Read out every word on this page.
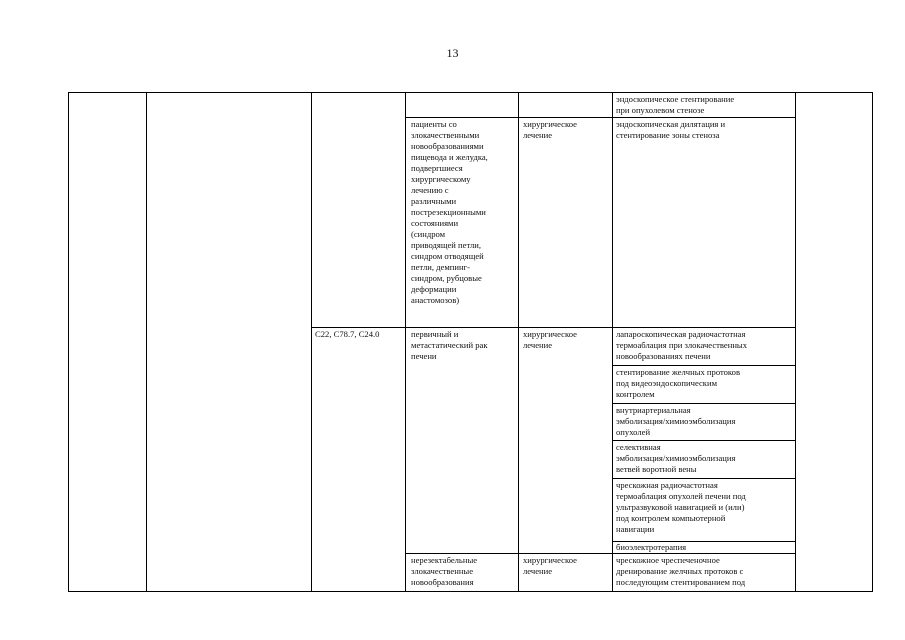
13
эндоскопическое стентирование
при опухолевом стенозе
пациенты со
злокачественными
новообразованиями
пищевода и желудка,
подвергшиеся
хирургическому
лечению с
различными
пострезекционными
состояниями
(синдром
приводящей петли,
синдром отводящей
петли, демпинг-
синдром, рубцовые
деформации
анастомозов)
хирургическое
лечение
эндоскопическая дилятация и
стентирование зоны стеноза
C22, C78.7, C24.0	первичный и
метастатический рак
печени
хирургическое
лечение
лапароскопическая радиочастотная
термоаблация при злокачественных
новообразованиях печени
стентирование желчных протоков
под видеоэндоскопическим
контролем
внутриартериальная
эмболизация/химиоэмболизация
опухолей
селективная
эмболизация/химиоэмболизация
ветвей воротной вены
чрескожная радиочастотная
термоаблация опухолей печени под
ультразвуковой навигацией и (или)
под контролем компьютерной
навигации
биоэлектротерапия
нерезектабельные
злокачественные
новообразования
хирургическое
лечение
чрескожное чреспеченочное
дренирование желчных протоков с
последующим стентированием под
